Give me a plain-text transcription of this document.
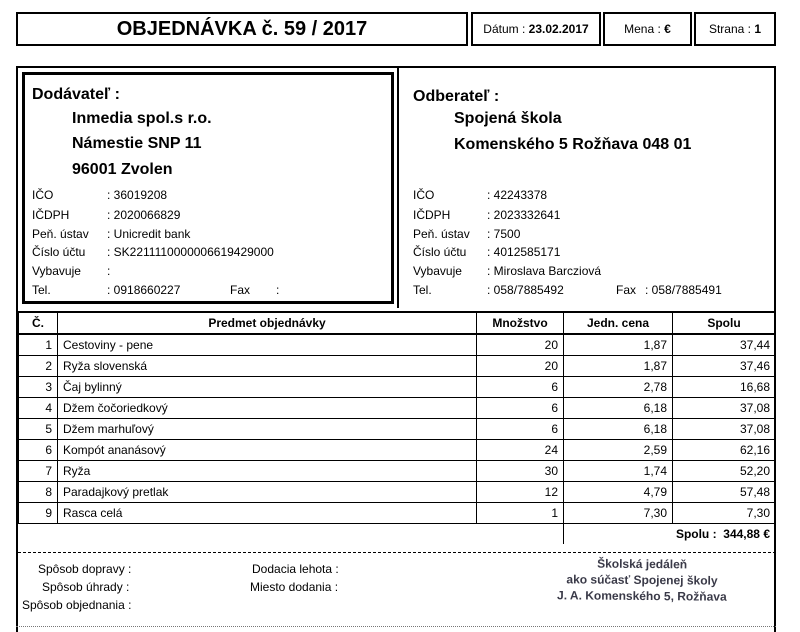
OBJEDNÁVKA č. 59 / 2017	Dátum : 23.02.2017	Mena : €	Strana : 1
Dodávateľ :
Inmedia spol.s r.o.
Námestie SNP 11
96001 Zvolen
IČO	: 36019208
IČDPH	: 2020066829
Peň. ústav : Unicredit bank
Číslo účtu : SK2211110000006619429000
Vybavuje :
Tel.	: 0918660227	Fax :
Odberateľ :
Spojená škola
Komenského 5 Rožňava 048 01
IČO	: 42243378
IČDPH	: 2023332641
Peň. ústav : 7500
Číslo účtu : 4012585171
Vybavuje : Miroslava Barcziová
Tel.	: 058/7885492	Fax : 058/7885491
Č.	Predmet objednávky	Množstvo	Jedn. cena	Spolu
1	Cestoviny - pene	20	1,87	37,44
2	Ryža slovenská	20	1,87	37,46
3	Čaj bylinný	6	2,78	16,68
4	Džem čočoriedkový	6	6,18	37,08
5	Džem marhuľový	6	6,18	37,08
6	Kompót ananásový	24	2,59	62,16
7	Ryža	30	1,74	52,20
8	Paradajkový pretlak	12	4,79	57,48
9	Rasca celá	1	7,30	7,30
			Spolu : 344,88 €	
Spôsob dopravy :
Spôsob úhrady :
Spôsob objednania :
Dodacia lehota :
Miesto dodania :
Školská jedáleň
ako súčasť Spojenej školy
J. A. Komenského 5, Rožňava
